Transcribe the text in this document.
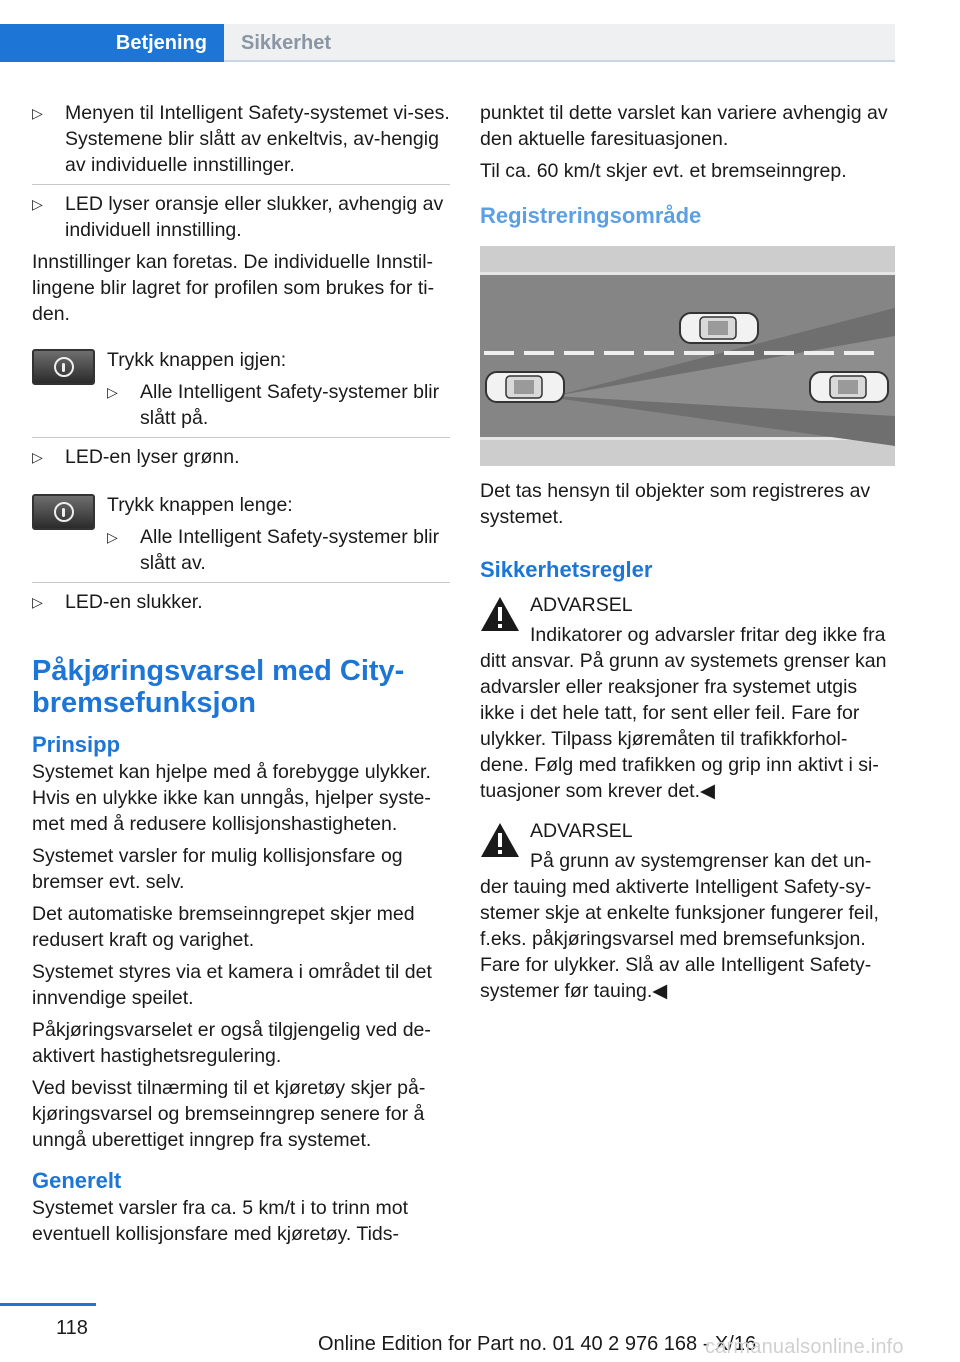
Betjening	Sikkerhet
▷ Menyen til Intelligent Safety-systemet vi-ses. Systemene blir slått av enkeltvis, av-hengig av individuelle innstillinger.
▷ LED lyser oransje eller slukker, avhengig av individuell innstilling.

Innstillinger kan foretas. De individuelle Innstil-lingene blir lagret for profilen som brukes for ti-den.

Trykk knappen igjen:

▷ Alle Intelligent Safety-systemer blir slått på.
▷ LED-en lyser grønn.

Trykk knappen lenge:

▷ Alle Intelligent Safety-systemer blir slått av.
▷ LED-en slukker.
Påkjøringsvarsel med City-bremsefunksjon
Prinsipp

Systemet kan hjelpe med å forebygge ulykker. Hvis en ulykke ikke kan unngås, hjelper syste-met med å redusere kollisjonshastigheten.

Systemet varsler for mulig kollisjonsfare og bremser evt. selv.

Det automatiske bremseinngrepet skjer med redusert kraft og varighet.

Systemet styres via et kamera i området til det innvendige speilet.

Påkjøringsvarselet er også tilgjengelig ved de-aktivert hastighetsregulering.

Ved bevisst tilnærming til et kjøretøy skjer på-kjøringsvarsel og bremseinngrep senere for å unngå uberettiget inngrep fra systemet.

Generelt

Systemet varsler fra ca. 5 km/t i to trinn mot eventuell kollisjonsfare med kjøretøy. Tids-

punktet til dette varslet kan variere avhengig av den aktuelle faresituasjonen.

Til ca. 60 km/t skjer evt. et bremseinngrep.

Registreringsområde

Det tas hensyn til objekter som registreres av systemet.

Sikkerhetsregler

ADVARSEL

Indikatorer og advarsler fritar deg ikke fra

ditt ansvar. På grunn av systemets grenser kan advarsler eller reaksjoner fra systemet utgis ikke i det hele tatt, for sent eller feil. Fare for ulykker. Tilpass kjøremåten til trafikkforhol-dene. Følg med trafikken og grip inn aktivt i si-tuasjoner som krever det.◀

ADVARSEL

På grunn av systemgrenser kan det un-

der tauing med aktiverte Intelligent Safety-sy-stemer skje at enkelte funksjoner fungerer feil, f.eks. påkjøringsvarsel med bremsefunksjon. Fare for ulykker. Slå av alle Intelligent Safety-systemer før tauing.◀

118
Online Edition for Part no. 01 40 2 976 168 - X/16
carmanualsonline.info
